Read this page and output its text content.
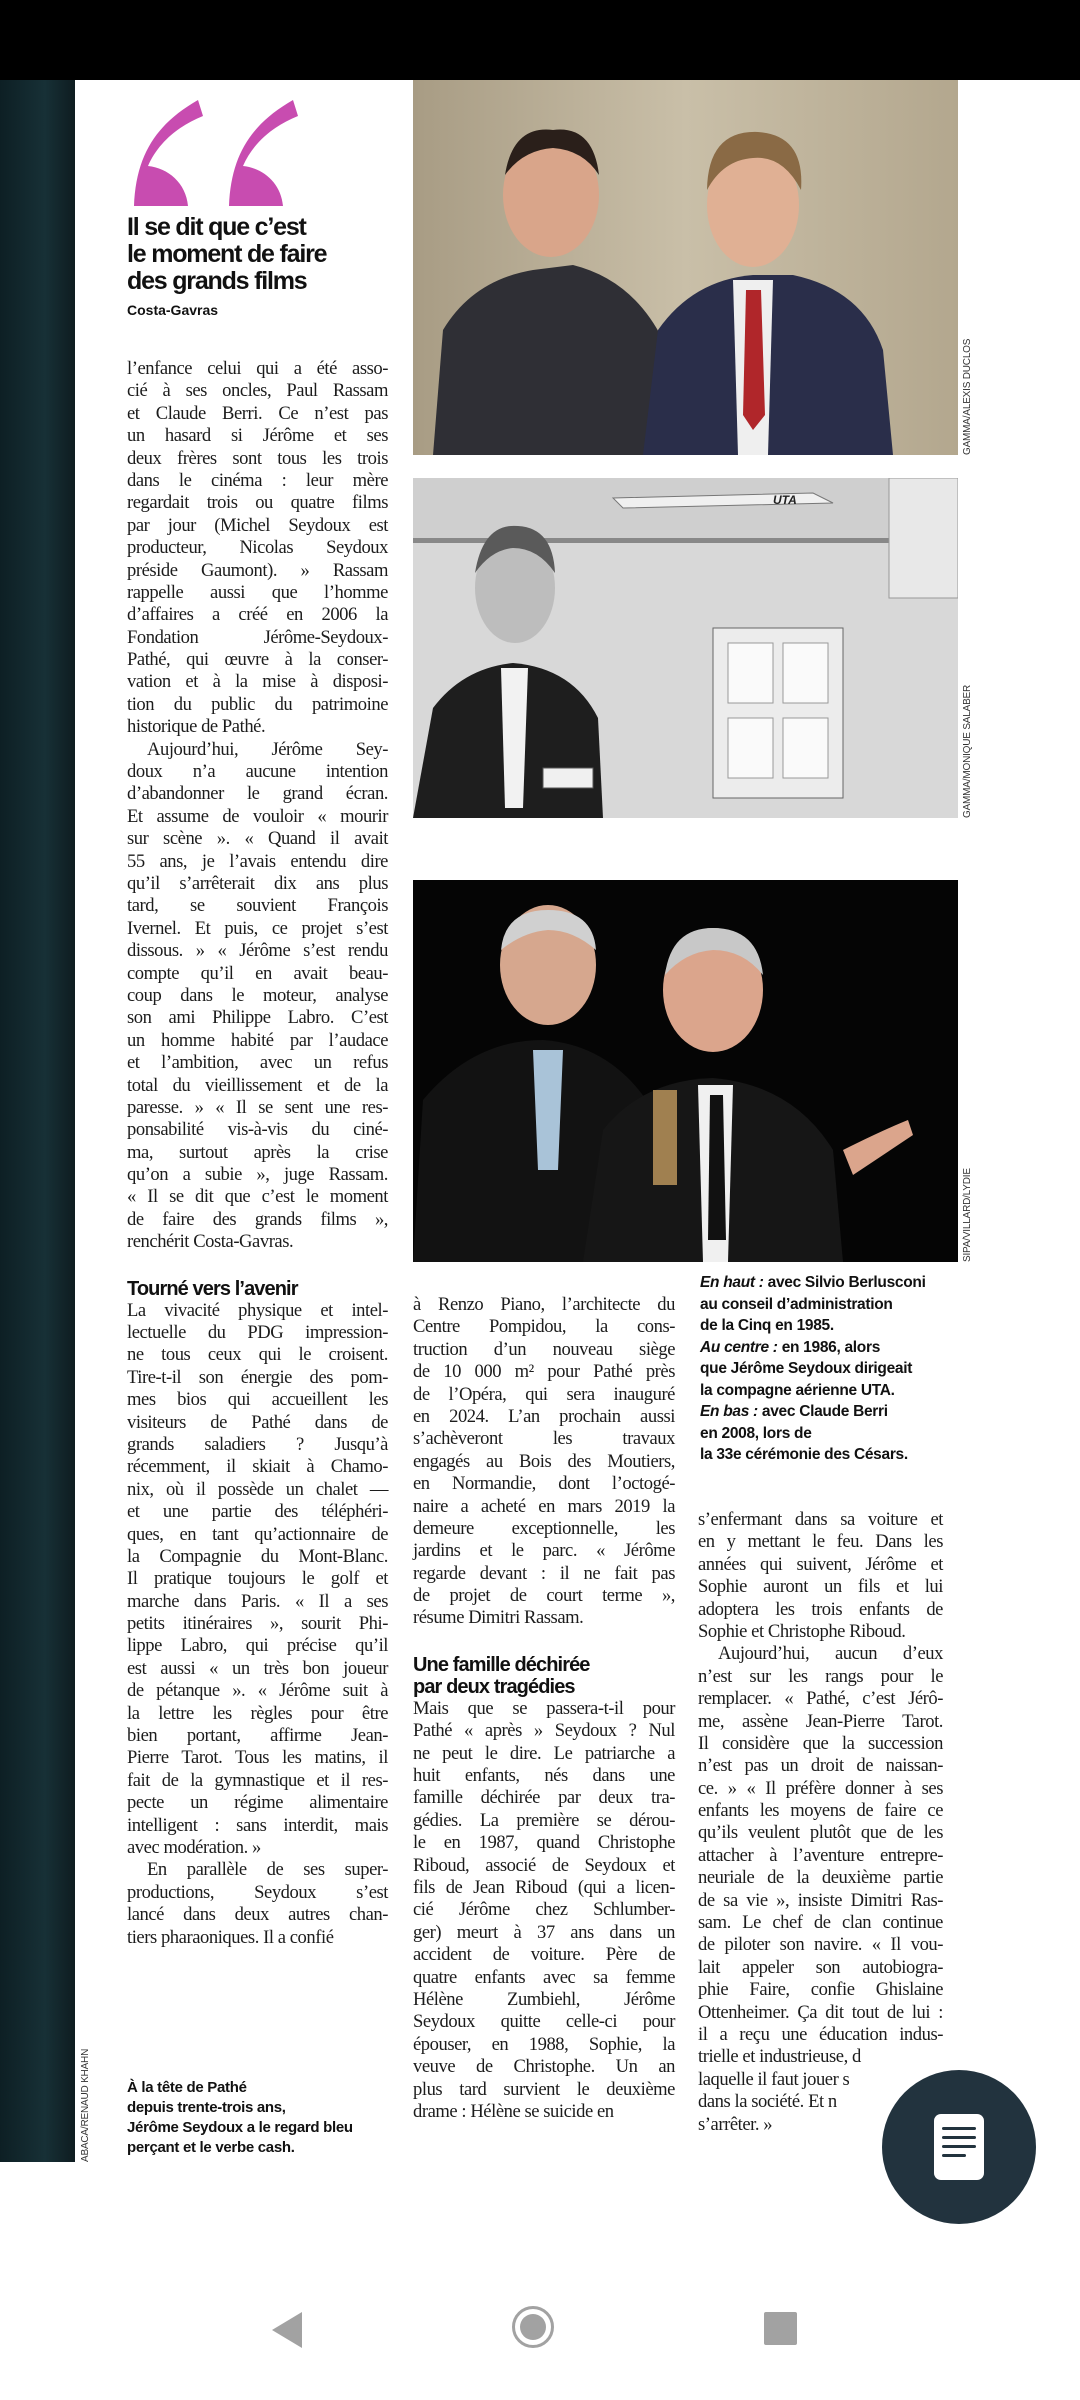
ABACA/RENAUD KHAHN
Il se dit que c’est
le moment de faire
des grands films
Costa-Gavras
GAMMA/ALEXIS DUCLOS
UTA
GAMMA/MONIQUE SALABER
SIPA/VILLARD/LYDIE
En haut : avec Silvio Berlusconi
au conseil d’administration
de la Cinq en 1985.
Au centre : en 1986, alors
que Jérôme Seydoux dirigeait
la compagne aérienne UTA.
En bas : avec Claude Berri
en 2008, lors de
la 33e cérémonie des Césars.
l’enfance celui qui a été asso-
cié à ses oncles, Paul Rassam
et Claude Berri. Ce n’est pas
un hasard si Jérôme et ses
deux frères sont tous les trois
dans le cinéma : leur mère
regardait trois ou quatre films
par jour (Michel Seydoux est
producteur, Nicolas Seydoux
préside Gaumont). » Rassam
rappelle aussi que l’homme
d’affaires a créé en 2006 la
Fondation Jérôme-Seydoux-
Pathé, qui œuvre à la conser-
vation et à la mise à disposi-
tion du public du patrimoine
historique de Pathé.
Aujourd’hui, Jérôme Sey-
doux n’a aucune intention
d’abandonner le grand écran.
Et assume de vouloir « mourir
sur scène ». « Quand il avait
55 ans, je l’avais entendu dire
qu’il s’arrêterait dix ans plus
tard, se souvient François
Ivernel. Et puis, ce projet s’est
dissous. » « Jérôme s’est rendu
compte qu’il en avait beau-
coup dans le moteur, analyse
son ami Philippe Labro. C’est
un homme habité par l’audace
et l’ambition, avec un refus
total du vieillissement et de la
paresse. » « Il se sent une res-
ponsabilité vis-à-vis du ciné-
ma, surtout après la crise
qu’on a subie », juge Rassam.
« Il se dit que c’est le moment
de faire des grands films »,
renchérit Costa-Gavras.
Tourné vers l’avenir
La vivacité physique et intel-
lectuelle du PDG impression-
ne tous ceux qui le croisent.
Tire-t-il son énergie des pom-
mes bios qui accueillent les
visiteurs de Pathé dans de
grands saladiers ? Jusqu’à
récemment, il skiait à Chamo-
nix, où il possède un chalet —
et une partie des téléphéri-
ques, en tant qu’actionnaire de
la Compagnie du Mont-Blanc.
Il pratique toujours le golf et
marche dans Paris. « Il a ses
petits itinéraires », sourit Phi-
lippe Labro, qui précise qu’il
est aussi « un très bon joueur
de pétanque ». « Jérôme suit à
la lettre les règles pour être
bien portant, affirme Jean-
Pierre Tarot. Tous les matins, il
fait de la gymnastique et il res-
pecte un régime alimentaire
intelligent : sans interdit, mais
avec modération. »
En parallèle de ses super-
productions, Seydoux s’est
lancé dans deux autres chan-
tiers pharaoniques. Il a confié
à Renzo Piano, l’architecte du
Centre Pompidou, la cons-
truction d’un nouveau siège
de 10 000 m² pour Pathé près
de l’Opéra, qui sera inauguré
en 2024. L’an prochain aussi
s’achèveront les travaux
engagés au Bois des Moutiers,
en Normandie, dont l’octogé-
naire a acheté en mars 2019 la
demeure exceptionnelle, les
jardins et le parc. « Jérôme
regarde devant : il ne fait pas
de projet de court terme »,
résume Dimitri Rassam.
Une famille déchirée
par deux tragédies
Mais que se passera-t-il pour
Pathé « après » Seydoux ? Nul
ne peut le dire. Le patriarche a
huit enfants, nés dans une
famille déchirée par deux tra-
gédies. La première se dérou-
le en 1987, quand Christophe
Riboud, associé de Seydoux et
fils de Jean Riboud (qui a licen-
cié Jérôme chez Schlumber-
ger) meurt à 37 ans dans un
accident de voiture. Père de
quatre enfants avec sa femme
Hélène Zumbiehl, Jérôme
Seydoux quitte celle-ci pour
épouser, en 1988, Sophie, la
veuve de Christophe. Un an
plus tard survient le deuxième
drame : Hélène se suicide en
s’enfermant dans sa voiture et
en y mettant le feu. Dans les
années qui suivent, Jérôme et
Sophie auront un fils et lui
adoptera les trois enfants de
Sophie et Christophe Riboud.
Aujourd’hui, aucun d’eux
n’est sur les rangs pour le
remplacer. « Pathé, c’est Jérô-
me, assène Jean-Pierre Tarot.
Il considère que la succession
n’est pas un droit de naissan-
ce. » « Il préfère donner à ses
enfants les moyens de faire ce
qu’ils veulent plutôt que de les
attacher à l’aventure entrepre-
neuriale de la deuxième partie
de sa vie », insiste Dimitri Ras-
sam. Le chef de clan continue
de piloter son navire. « Il vou-
lait appeler son autobiogra-
phie Faire, confie Ghislaine
Ottenheimer. Ça dit tout de lui :
il a reçu une éducation indus-
trielle et industrieuse, d
laquelle il faut jouer s
dans la société. Et n
s’arrêter. »
À la tête de Pathé
depuis trente-trois ans,
Jérôme Seydoux a le regard bleu
perçant et le verbe cash.
